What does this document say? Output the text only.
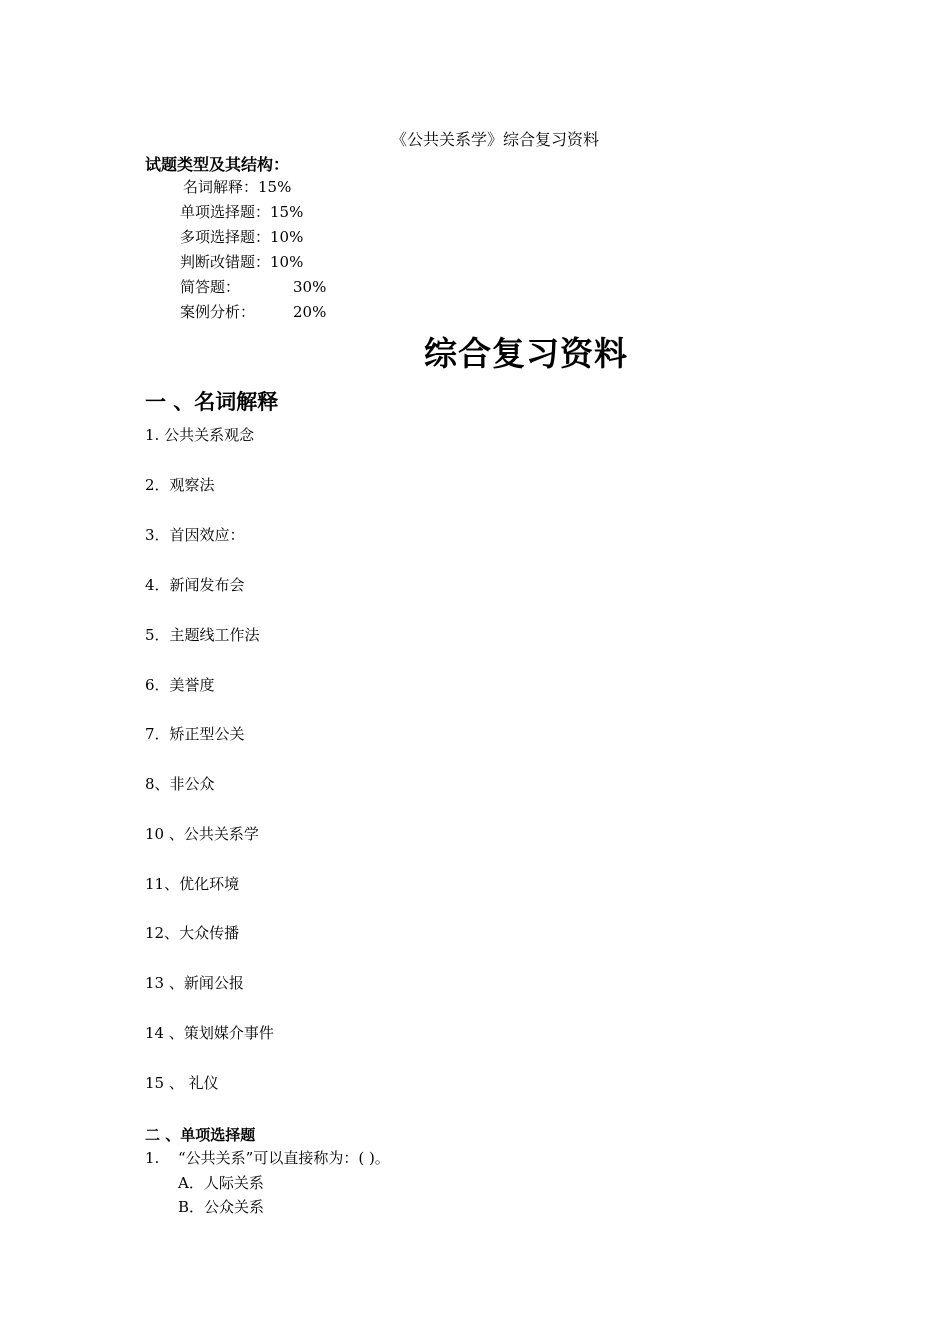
《公共关系学》综合复习资料
试题类型及其结构：
名词解释：15%
单项选择题：15%
多项选择题：10%
判断改错题：10%
简答题：	30%
案例分析：	20%
综合复习资料
一 、名词解释
1. 公共关系观念
2．观察法
3．首因效应：
4．新闻发布会
5．主题线工作法
6．美誉度
7．矫正型公关
8、非公众
10 、公共关系学
11、优化环境
12、大众传播
13 、新闻公报
14 、策划媒介事件
15 、 礼仪
二 、单项选择题
1. “公共关系”可以直接称为：( )。
A．人际关系
B．公众关系
